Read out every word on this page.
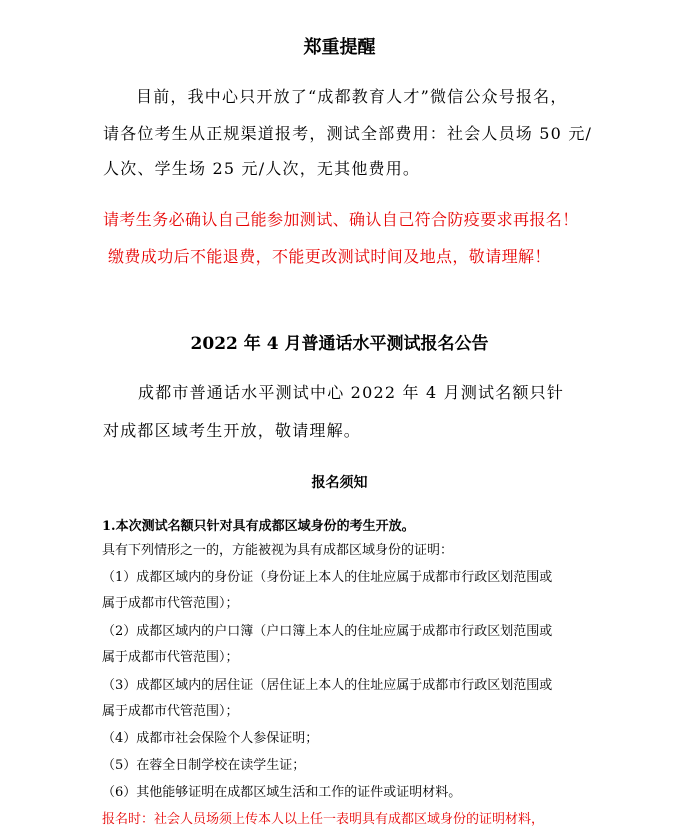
郑重提醒
目前，我中心只开放了“成都教育人才”微信公众号报名，
请各位考生从正规渠道报考，测试全部费用：社会人员场 50 元/
人次、学生场 25 元/人次，无其他费用。
请考生务必确认自己能参加测试、确认自己符合防疫要求再报名！
缴费成功后不能退费，不能更改测试时间及地点，敬请理解！
2022 年 4 月普通话水平测试报名公告
成都市普通话水平测试中心 2022 年 4 月测试名额只针
对成都区域考生开放，敬请理解。
报名须知
1.本次测试名额只针对具有成都区域身份的考生开放。
具有下列情形之一的，方能被视为具有成都区域身份的证明：
（1）成都区域内的身份证（身份证上本人的住址应属于成都市行政区划范围或
属于成都市代管范围）；
（2）成都区域内的户口簿（户口簿上本人的住址应属于成都市行政区划范围或
属于成都市代管范围）；
（3）成都区域内的居住证（居住证上本人的住址应属于成都市行政区划范围或
属于成都市代管范围）；
（4）成都市社会保险个人参保证明；
（5）在蓉全日制学校在读学生证；
（6）其他能够证明在成都区域生活和工作的证件或证明材料。
报名时：社会人员场须上传本人以上任一表明具有成都区域身份的证明材料，
